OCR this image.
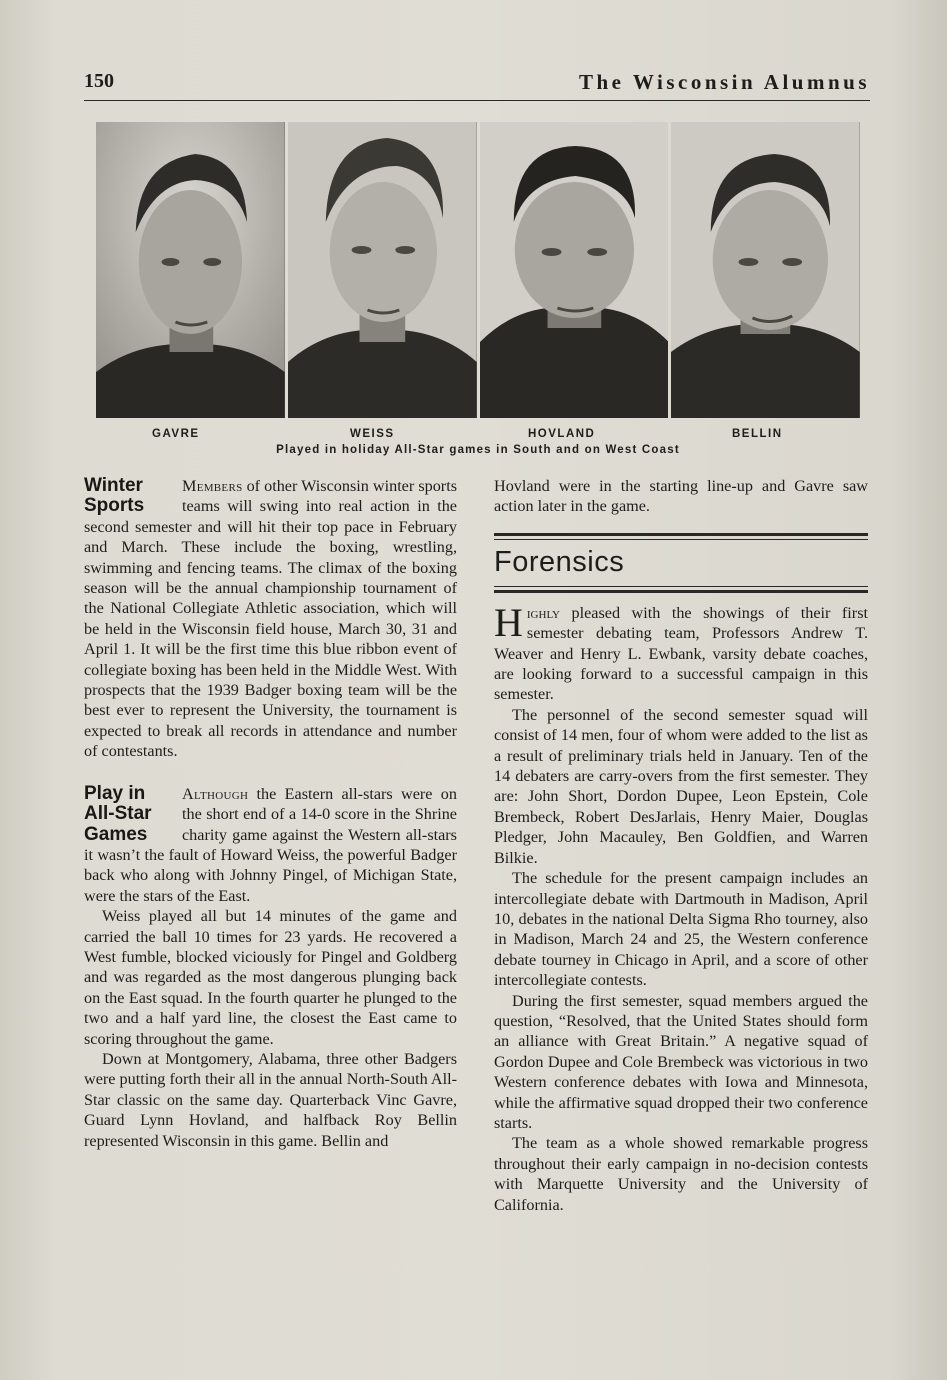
150	The Wisconsin Alumnus
GAVRE	WEISS	HOVLAND	BELLIN
Played in holiday All-Star games in South and on West Coast
Winter
Sports

Members of other Wisconsin winter sports teams will swing into real action in the second semester and will hit their top pace in February and March. These include the boxing, wrestling, swimming and fencing teams. The climax of the boxing season will be the annual championship tournament of the National Collegiate Athletic association, which will be held in the Wisconsin field house, March 30, 31 and April 1. It will be the first time this blue ribbon event of collegiate boxing has been held in the Middle West. With prospects that the 1939 Badger boxing team will be the best ever to represent the University, the tournament is expected to break all records in attendance and number of contestants.

Play in
All-Star
Games

Although the Eastern all-stars were on the short end of a 14-0 score in the Shrine charity game against the Western all-stars it wasn’t the fault of Howard Weiss, the powerful Badger back who along with Johnny Pingel, of Michigan State, were the stars of the East.

Weiss played all but 14 minutes of the game and carried the ball 10 times for 23 yards. He recovered a West fumble, blocked viciously for Pingel and Goldberg and was regarded as the most dangerous plunging back on the East squad. In the fourth quarter he plunged to the two and a half yard line, the closest the East came to scoring throughout the game.

Down at Montgomery, Alabama, three other Badgers were putting forth their all in the annual North-South All-Star classic on the same day. Quarterback Vinc Gavre, Guard Lynn Hovland, and halfback Roy Bellin represented Wisconsin in this game. Bellin and

Hovland were in the starting line-up and Gavre saw action later in the game.

Forensics

Highly pleased with the showings of their first semester debating team, Professors Andrew T. Weaver and Henry L. Ewbank, varsity debate coaches, are looking forward to a successful campaign in this semester.

The personnel of the second semester squad will consist of 14 men, four of whom were added to the list as a result of preliminary trials held in January. Ten of the 14 debaters are carry-overs from the first semester. They are: John Short, Dordon Dupee, Leon Epstein, Cole Brembeck, Robert DesJarlais, Henry Maier, Douglas Pledger, John Macauley, Ben Goldfien, and Warren Bilkie.

The schedule for the present campaign includes an intercollegiate debate with Dartmouth in Madison, April 10, debates in the national Delta Sigma Rho tourney, also in Madison, March 24 and 25, the Western conference debate tourney in Chicago in April, and a score of other intercollegiate contests.

During the first semester, squad members argued the question, “Resolved, that the United States should form an alliance with Great Britain.” A negative squad of Gordon Dupee and Cole Brembeck was victorious in two Western conference debates with Iowa and Minnesota, while the affirmative squad dropped their two conference starts.

The team as a whole showed remarkable progress throughout their early campaign in no-decision contests with Marquette University and the University of California.
